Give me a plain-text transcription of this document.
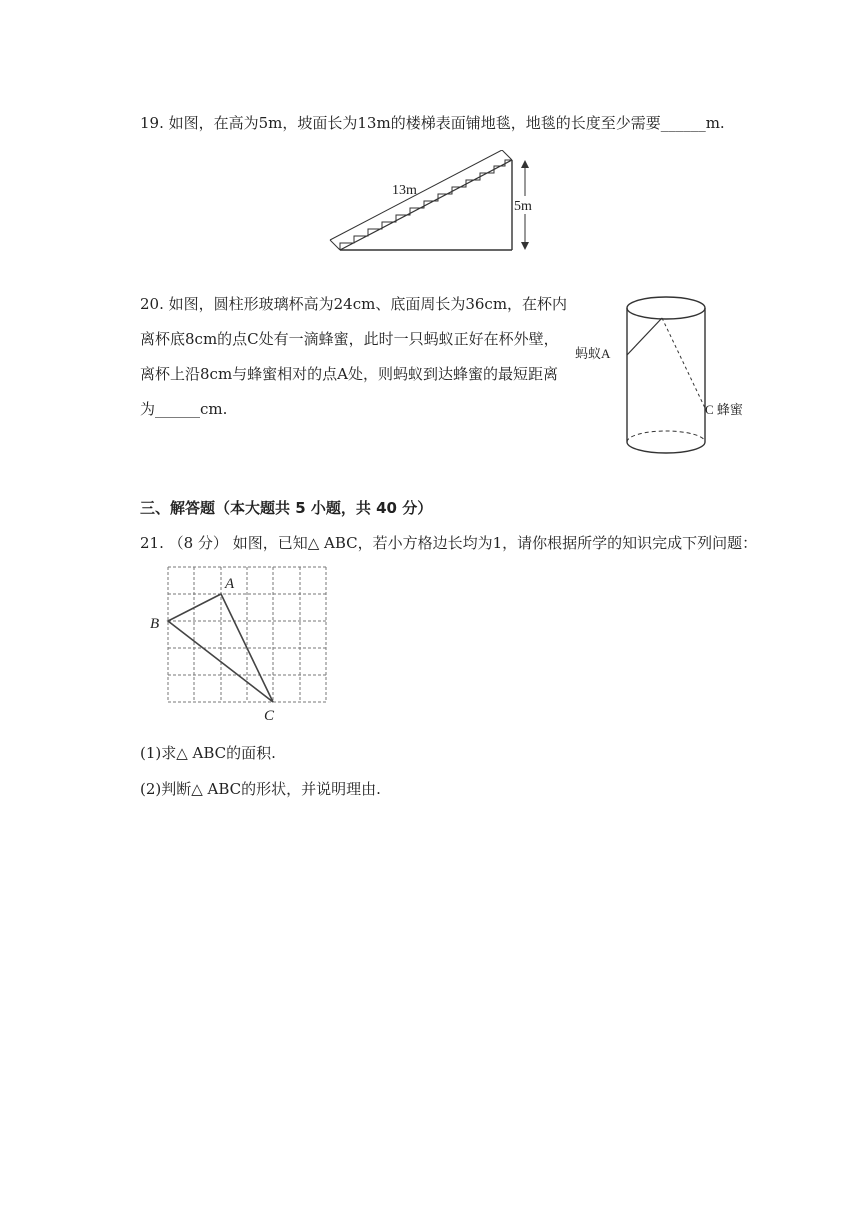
19. 如图，在高为5m，坡面长为13m的楼梯表面铺地毯，地毯的长度至少需要______m.
13m
5m
20. 如图，圆柱形玻璃杯高为24cm、底面周长为36cm，在杯内
离杯底8cm的点C处有一滴蜂蜜，此时一只蚂蚁正好在杯外壁，
离杯上沿8cm与蜂蜜相对的点A处，则蚂蚁到达蜂蜜的最短距离
为______cm.
蚂蚁A
C 蜂蜜
三、解答题（本大题共 5 小题，共 40 分）
21. （8 分） 如图，已知△ ABC，若小方格边长均为1，请你根据所学的知识完成下列问题：
A
B
C
(1)求△ ABC的面积.
(2)判断△ ABC的形状，并说明理由.
